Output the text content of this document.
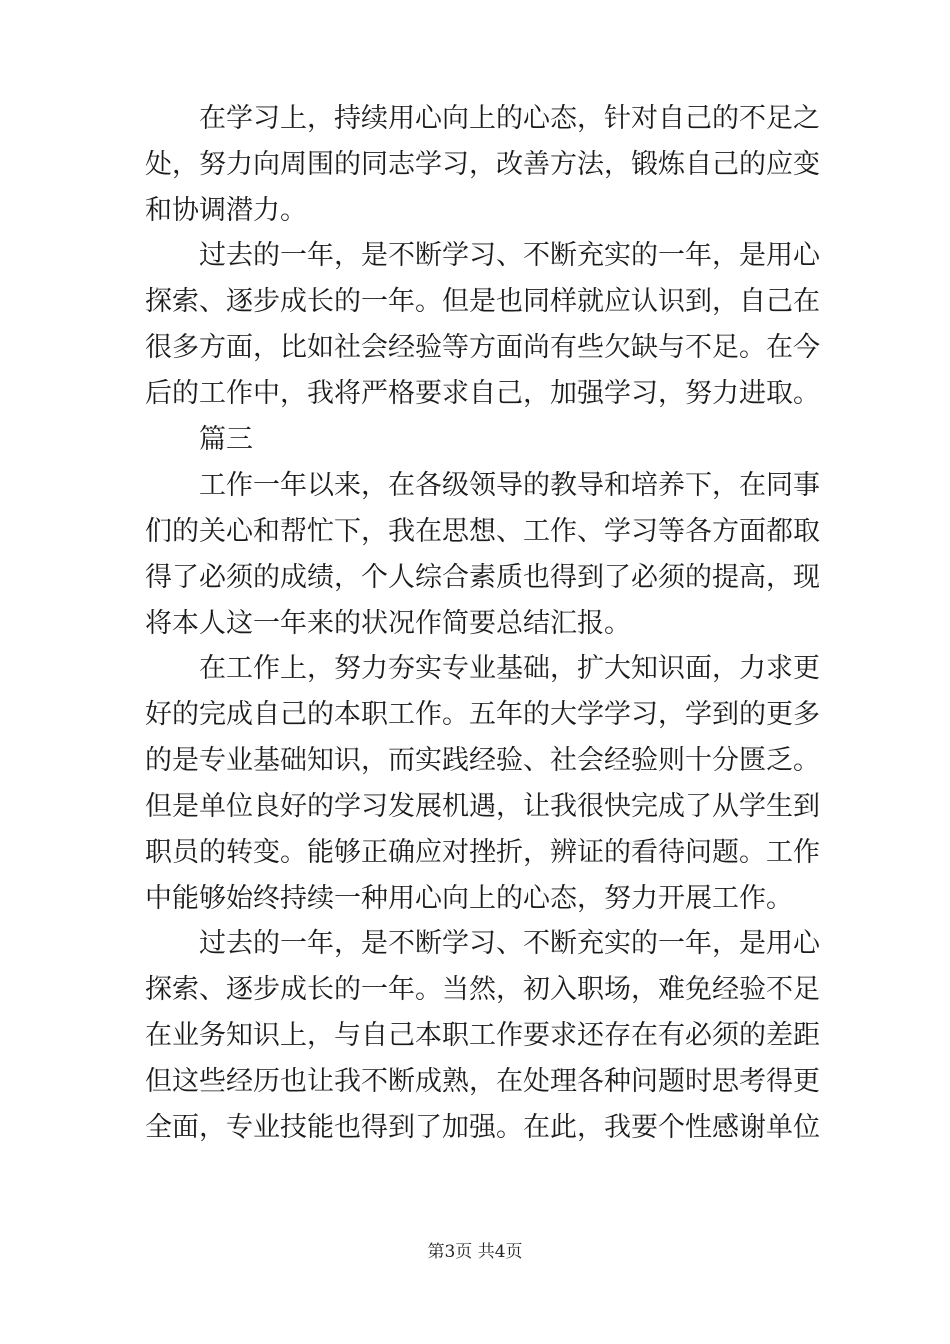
在 学 习 上 ， 持 续 用 心 向 上 的 心 态 ， 针 对 自 己 的 不 足 之
处 ， 努 力 向 周 围 的 同 志 学 习 ， 改 善 方 法 ， 锻 炼 自 己 的 应 变
和协调潜力。
过 去 的 一 年 ， 是 不 断 学 习 、 不 断 充 实 的 一 年 ， 是 用 心
探 索 、 逐 步 成 长 的 一 年 。 但 是 也 同 样 就 应 认 识 到 ， 自 己 在
很 多 方 面 ， 比 如 社 会 经 验 等 方 面 尚 有 些 欠 缺 与 不 足 。 在 今
后 的 工 作 中 ， 我 将 严 格 要 求 自 己 ， 加 强 学 习 ， 努 力 进 取 。
篇三
工 作 一 年 以 来 ， 在 各 级 领 导 的 教 导 和 培 养 下 ， 在 同 事
们 的 关 心 和 帮 忙 下 ， 我 在 思 想 、 工 作 、 学 习 等 各 方 面 都 取
得 了 必 须 的 成 绩 ， 个 人 综 合 素 质 也 得 到 了 必 须 的 提 高 ， 现
将本人这一年来的状况作简要总结汇报。
在 工 作 上 ， 努 力 夯 实 专 业 基 础 ， 扩 大 知 识 面 ， 力 求 更
好 的 完 成 自 己 的 本 职 工 作 。 五 年 的 大 学 学 习 ， 学 到 的 更 多
的 是 专 业 基 础 知 识 ， 而 实 践 经 验 、 社 会 经 验 则 十 分 匮 乏 。
但 是 单 位 良 好 的 学 习 发 展 机 遇 ， 让 我 很 快 完 成 了 从 学 生 到
职 员 的 转 变 。 能 够 正 确 应 对 挫 折 ， 辨 证 的 看 待 问 题 。 工 作
中能够始终持续一种用心向上的心态，努力开展工作。
过 去 的 一 年 ， 是 不 断 学 习 、 不 断 充 实 的 一 年 ， 是 用 心
探 索 、 逐 步 成 长 的 一 年 。 当 然 ， 初 入 职 场 ， 难 免 经 验 不 足
在 业 务 知 识 上 ， 与 自 己 本 职 工 作 要 求 还 存 在 有 必 须 的 差 距
但 这 些 经 历 也 让 我 不 断 成 熟 ， 在 处 理 各 种 问 题 时 思 考 得 更
全 面 ， 专 业 技 能 也 得 到 了 加 强 。 在 此 ， 我 要 个 性 感 谢 单 位
第3页 共4页
